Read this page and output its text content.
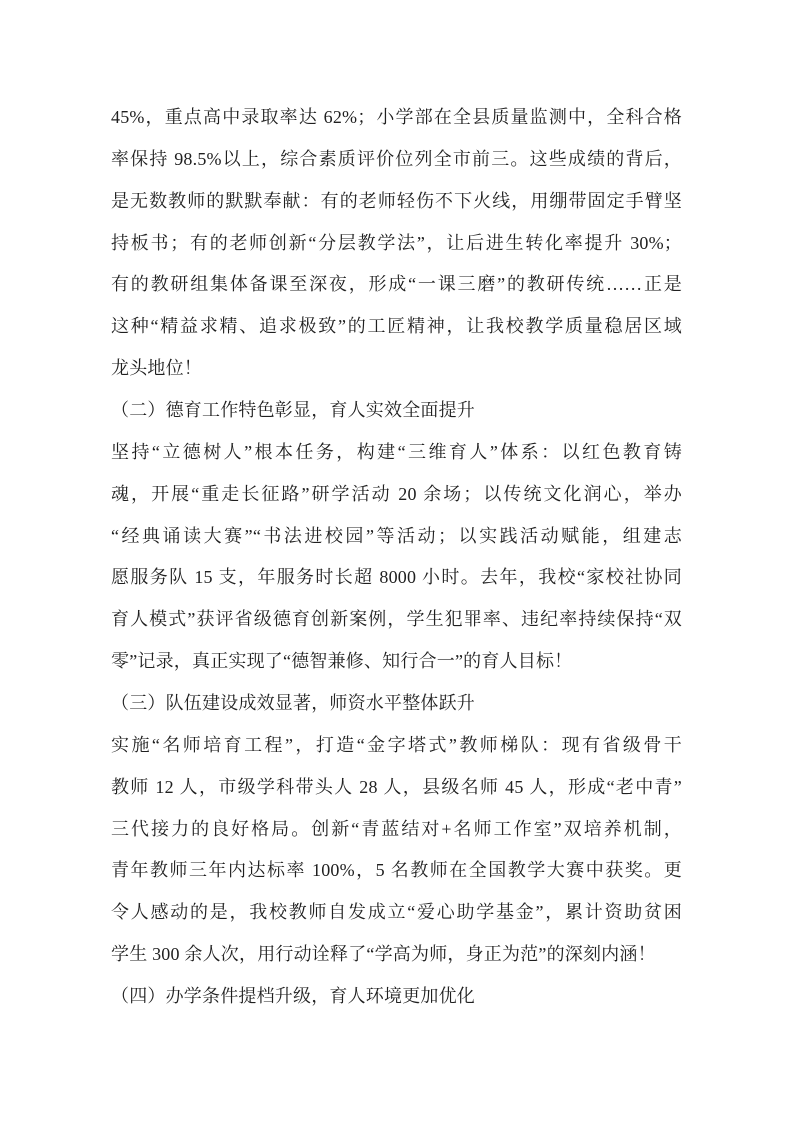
45%，重点高中录取率达 62%；小学部在全县质量监测中，全科合格
率保持 98.5%以上，综合素质评价位列全市前三。这些成绩的背后，
是无数教师的默默奉献：有的老师轻伤不下火线，用绷带固定手臂坚
持板书；有的老师创新“分层教学法”，让后进生转化率提升 30%；
有的教研组集体备课至深夜，形成“一课三磨”的教研传统……正是
这种“精益求精、追求极致”的工匠精神，让我校教学质量稳居区域
龙头地位！
（二）德育工作特色彰显，育人实效全面提升
坚持“立德树人”根本任务，构建“三维育人”体系：以红色教育铸
魂，开展“重走长征路”研学活动 20 余场；以传统文化润心，举办
“经典诵读大赛”“书法进校园”等活动；以实践活动赋能，组建志
愿服务队 15 支，年服务时长超 8000 小时。去年，我校“家校社协同
育人模式”获评省级德育创新案例，学生犯罪率、违纪率持续保持“双
零”记录，真正实现了“德智兼修、知行合一”的育人目标！
（三）队伍建设成效显著，师资水平整体跃升
实施“名师培育工程”，打造“金字塔式”教师梯队：现有省级骨干
教师 12 人，市级学科带头人 28 人，县级名师 45 人，形成“老中青”
三代接力的良好格局。创新“青蓝结对+名师工作室”双培养机制，
青年教师三年内达标率 100%，5 名教师在全国教学大赛中获奖。更
令人感动的是，我校教师自发成立“爱心助学基金”，累计资助贫困
学生 300 余人次，用行动诠释了“学高为师，身正为范”的深刻内涵！
（四）办学条件提档升级，育人环境更加优化
